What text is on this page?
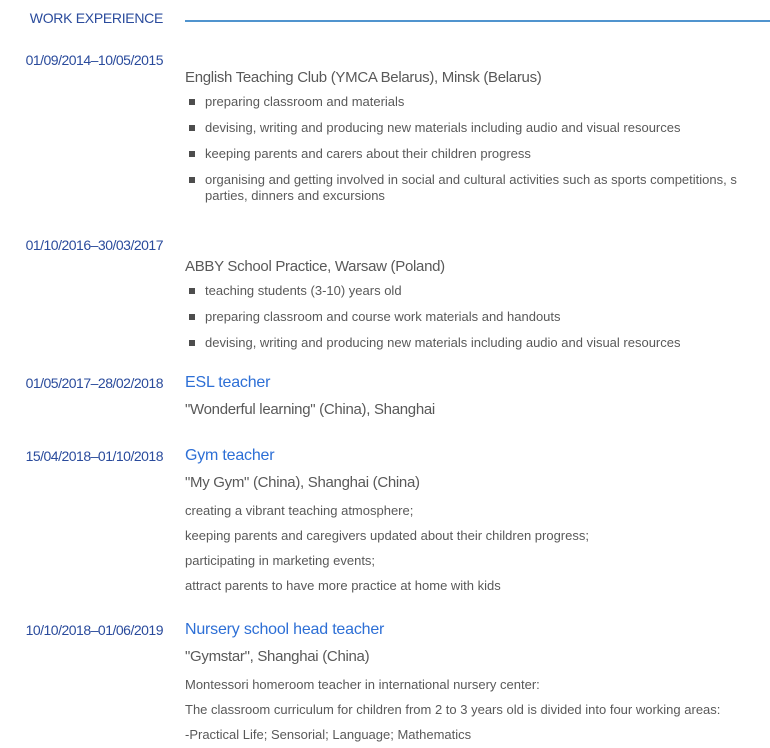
WORK EXPERIENCE
01/09/2014–10/05/2015
English Teaching Club (YMCA Belarus), Minsk (Belarus)
preparing classroom and materials
devising, writing and producing new materials including audio and visual resources
keeping parents and carers about their children progress
organising and getting involved in social and cultural activities such as sports competitions, s
parties, dinners and excursions
01/10/2016–30/03/2017
ABBY School Practice, Warsaw (Poland)
teaching students (3-10) years old
preparing classroom and course work materials and handouts
devising, writing and producing new materials including audio and visual resources
01/05/2017–28/02/2018 ESL teacher
"Wonderful learning" (China), Shanghai
15/04/2018–01/10/2018 Gym teacher
"My Gym" (China), Shanghai (China)
creating a vibrant teaching atmosphere;
keeping parents and caregivers updated about their children progress;
participating in marketing events;
attract parents to have more practice at home with kids
10/10/2018–01/06/2019 Nursery school head teacher
"Gymstar", Shanghai (China)
Montessori homeroom teacher in international nursery center:
The classroom curriculum for children from 2 to 3 years old is divided into four working areas:
-Practical Life; Sensorial; Language; Mathematics
